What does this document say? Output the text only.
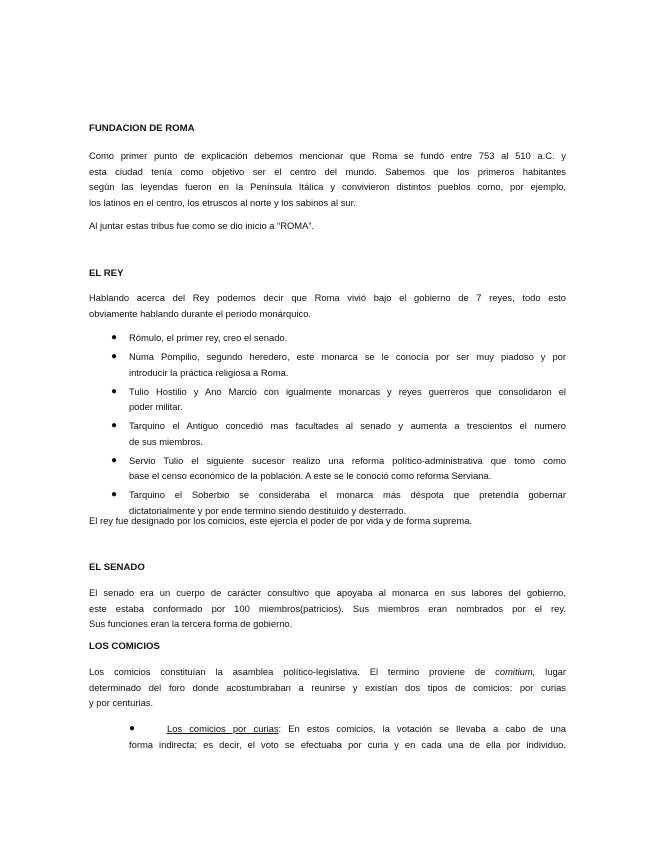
FUNDACION DE ROMA
Como primer punto de explicación debemos mencionar que Roma se fundó entre 753 al 510 a.C. y
esta ciudad tenía como objetivo ser el centro del mundo. Sabemos que los primeros habitantes
según las leyendas fueron en la Península Itálica y convivieron distintos pueblos como, por ejemplo,
los latinos en el centro, los etruscos al norte y los sabinos al sur.
Al juntar estas tribus fue como se dio inicio a “ROMA”.
EL REY
Hablando acerca del Rey podemos decir que Roma vivió bajo el gobierno de 7 reyes, todo esto
obviamente hablando durante el periodo monárquico.
● Rómulo, el primer rey, creo el senado.
● Numa Pompilio, segundo heredero, este monarca se le conocía por ser muy piadoso y por
introducir la práctica religiosa a Roma.
● Tulio Hostilio y Ano Marcio con igualmente monarcas y reyes guerreros que consolidaron el
poder militar.
● Tarquino el Antiguo concedió mas facultades al senado y aumenta a trescientos el numero
de sus miembros.
● Servio Tulio el siguiente sucesor realizo una reforma político-administrativa que tomo como
base el censo económico de la población. A este se le conoció como reforma Serviana.
● Tarquino el Soberbio se consideraba el monarca más déspota que pretendía gobernar
dictatorialmente y por ende termino siendo destituido y desterrado.
El rey fue designado por los comicios, este ejercía el poder de por vida y de forma suprema.
EL SENADO
El senado era un cuerpo de carácter consultivo que apoyaba al monarca en sus labores del gobierno,
este estaba conformado por 100 miembros(patricios). Sus miembros eran nombrados por el rey.
Sus funciones eran la tercera forma de gobierno.
LOS COMICIOS
Los comicios constituían la asamblea político-legislativa. El termino proviene de comitium, lugar
determinado del foro donde acostumbraban a reunirse y existían dos tipos de comicios: por curias
y por centurias.
●	Los comicios por curias: En estos comicios, la votación se llevaba a cabo de una
forma indirecta; es decir, el voto se efectuaba por curia y en cada una de ella por individuo.
